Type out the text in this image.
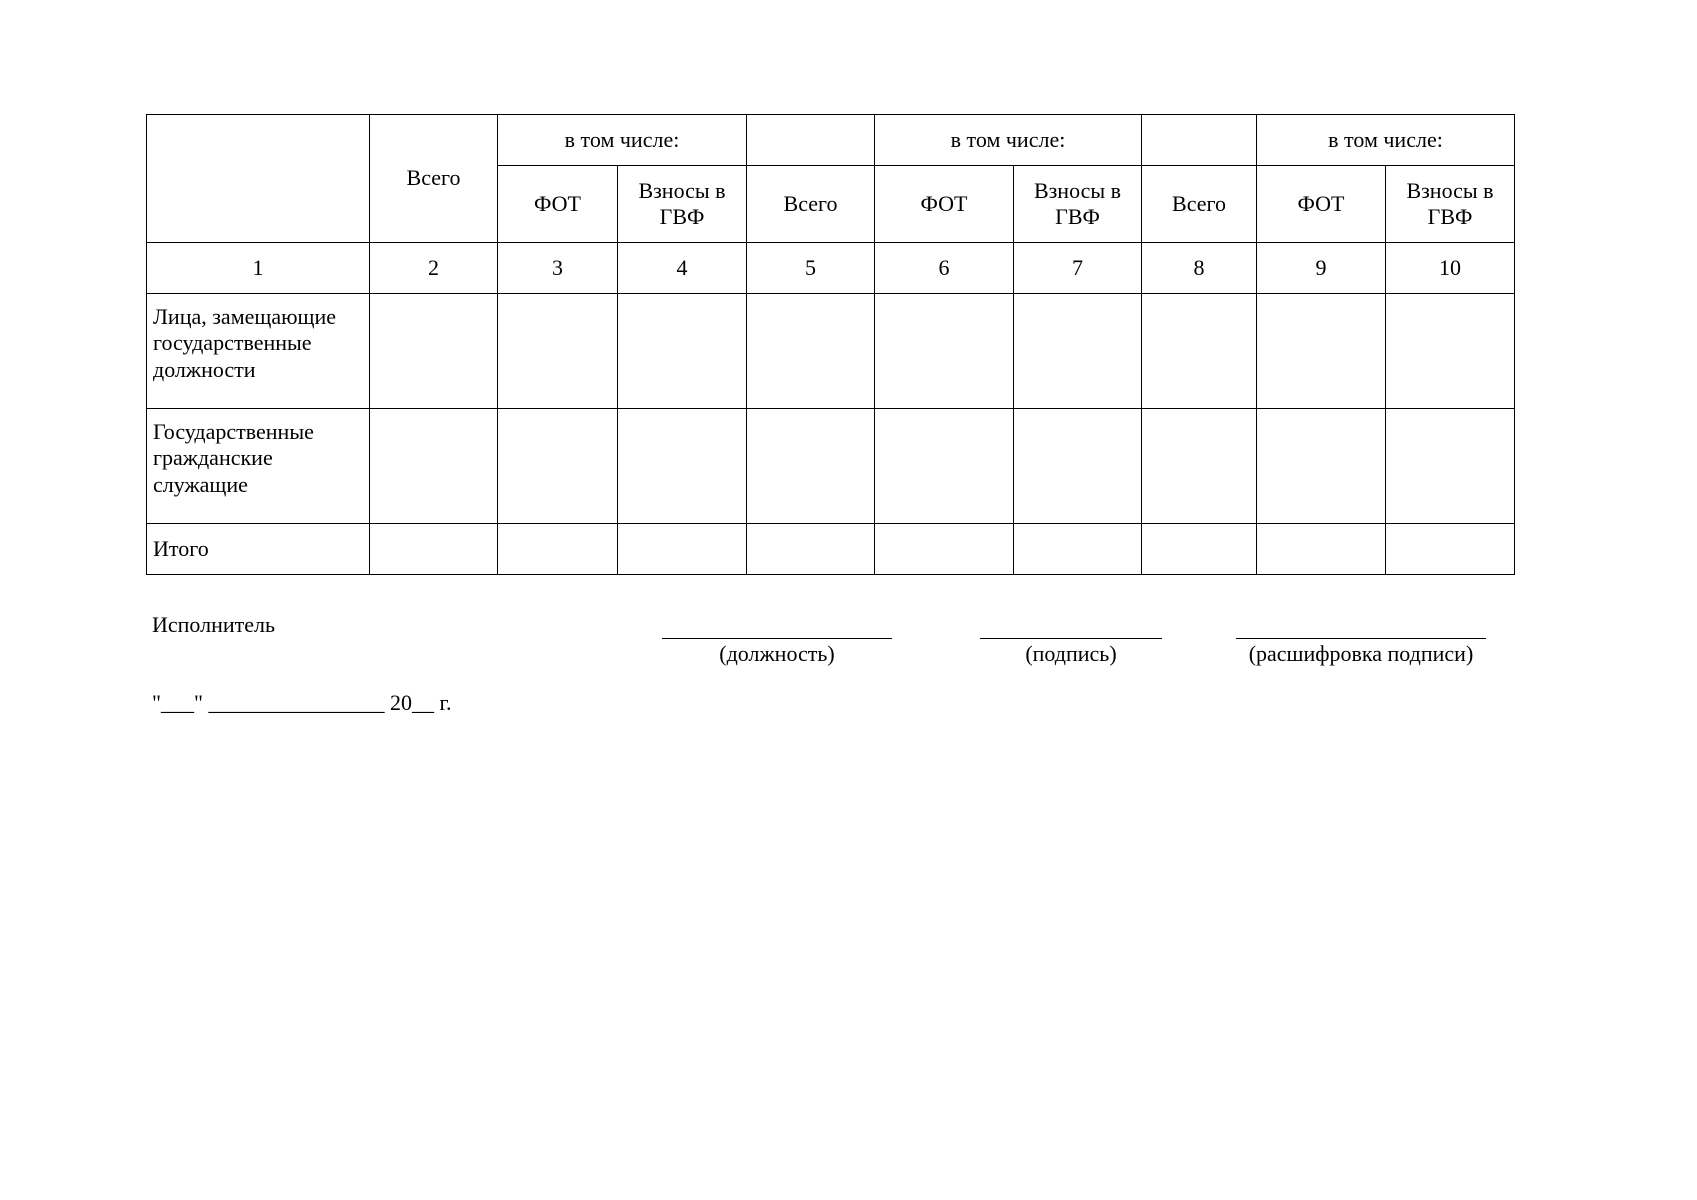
	Всего	в том числе:			в том числе:			в том числе:	
		ФОТ	Взносы в ГВФ	Всего	ФОТ	Взносы в ГВФ	Всего	ФОТ	Взносы в ГВФ
1	2	3	4	5	6	7	8	9	10
Лица, замещающие государственные должности									
Государственные гражданские служащие									
Итого									
Исполнитель
(должность)	(подпись)	(расшифровка подписи)
"___" ________________ 20__ г.
